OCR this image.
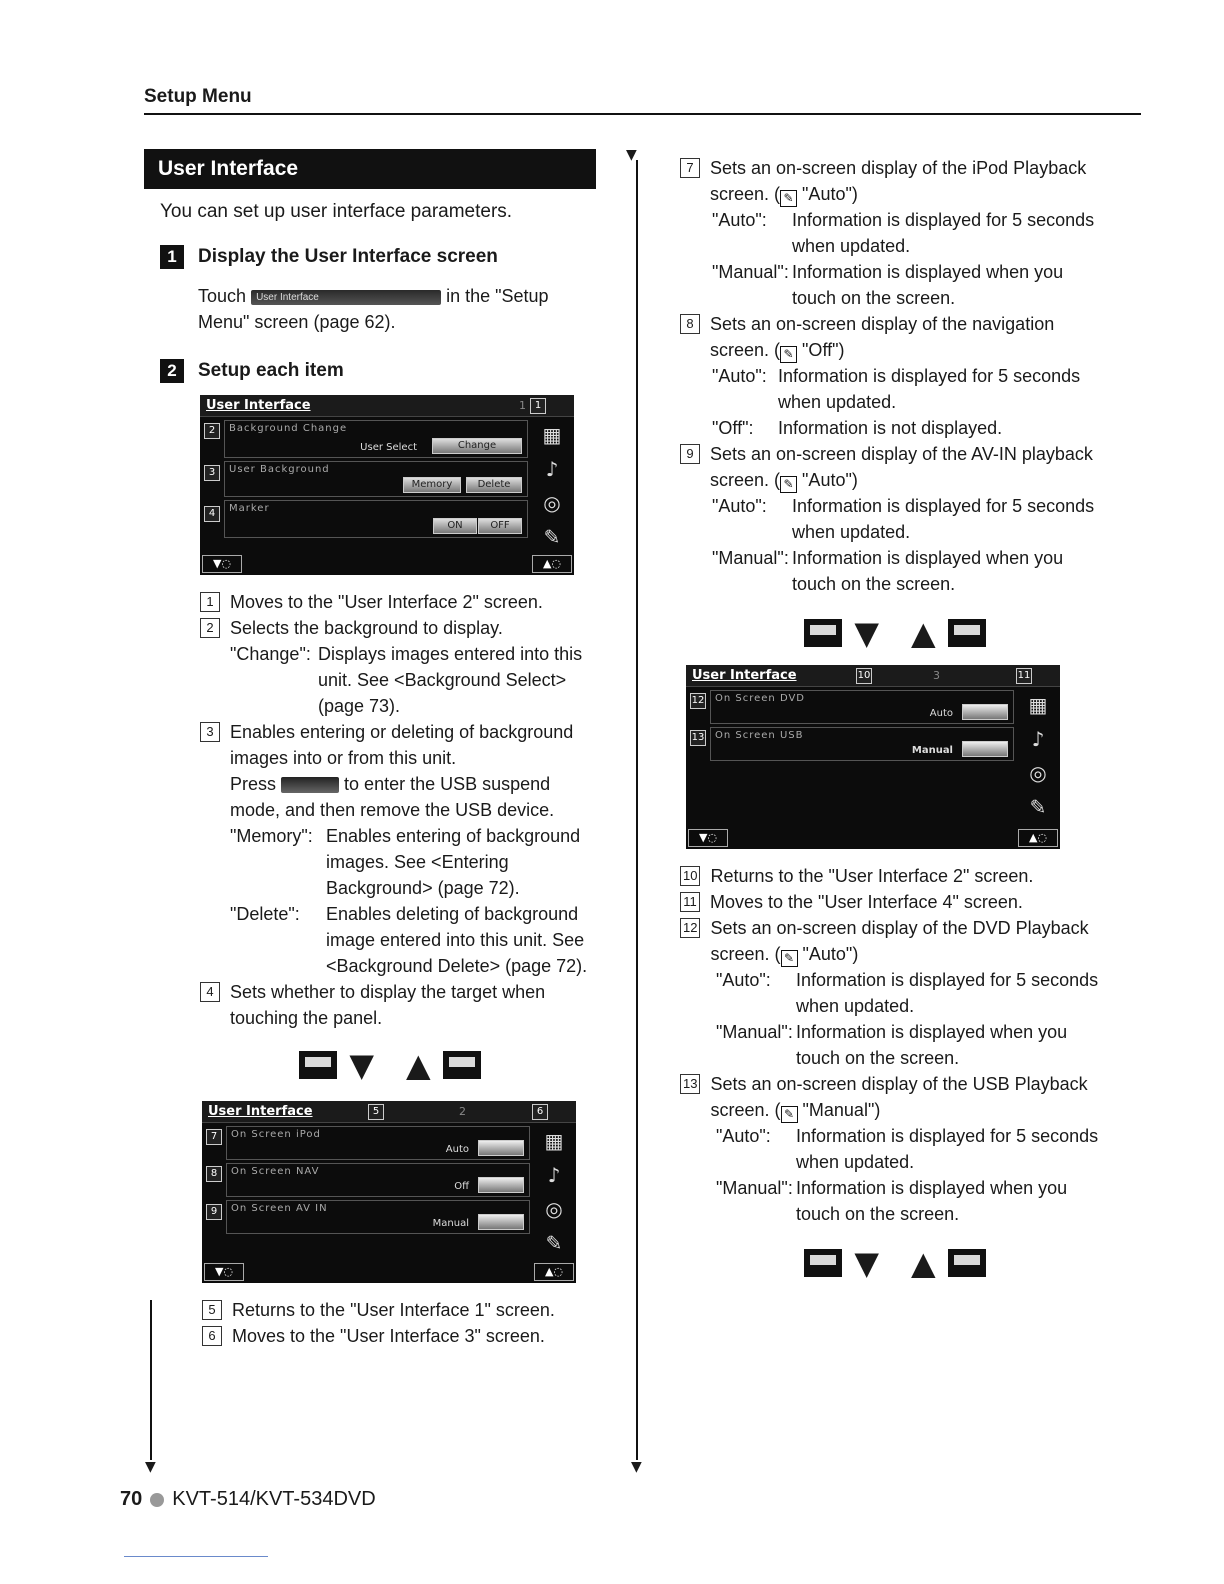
Setup Menu
▼
▼
▼
User Interface
You can set up user interface parameters.
1	Display the User Interface screen
Touch User Interface	in the "Setup Menu" screen (page 62).
2	Setup each item
User Interface	1 1
Background Change
User Select	Change
2
User Background
Memory	Delete
3
Marker
ON	OFF
4
▦
♪
◎
✎
▼◌	▲◌
1 Moves to the "User Interface 2" screen.
2 Selects the background to display.
"Change": Displays images entered into this unit. See <Background Select> (page 73).
3 Enables entering or deleting of background images into or from this unit.
Press	to enter the USB suspend mode, and then remove the USB device.
"Memory": Enables entering of background images. See <Entering Background> (page 72).
"Delete":	Enables deleting of background image entered into this unit. See <Background Delete> (page 72).
4 Sets whether to display the target when touching the panel.
▼ ▲
User Interface	2
5	6
On Screen iPod
Auto
7
On Screen NAV
Off
8
On Screen AV IN
Manual
9
▦
♪
◎
✎
▼◌	▲◌
5 Returns to the "User Interface 1" screen.
6 Moves to the "User Interface 3" screen.
7 Sets an on-screen display of the iPod Playback screen. ( ✎ "Auto")
"Auto":	Information is displayed for 5 seconds when updated.
"Manual": Information is displayed when you touch on the screen.
8 Sets an on-screen display of the navigation screen. ( ✎ "Off")
"Auto": Information is displayed for 5 seconds when updated.
"Off":	Information is not displayed.
9 Sets an on-screen display of the AV-IN playback screen. ( ✎ "Auto")
"Auto":	Information is displayed for 5 seconds when updated.
"Manual": Information is displayed when you touch on the screen.
▼ ▲
User Interface	3
10	11
On Screen DVD
Auto
12
On Screen USB
Manual
13
▦
♪
◎
✎
▼◌	▲◌
10 Returns to the "User Interface 2" screen.
11 Moves to the "User Interface 4" screen.
12 Sets an on-screen display of the DVD Playback screen. ( ✎ "Auto")
"Auto":	Information is displayed for 5 seconds when updated.
"Manual": Information is displayed when you touch on the screen.
13 Sets an on-screen display of the USB Playback screen. ( ✎ "Manual")
"Auto":	Information is displayed for 5 seconds when updated.
"Manual": Information is displayed when you touch on the screen.
▼ ▲
70 KVT-514/KVT-534DVD
